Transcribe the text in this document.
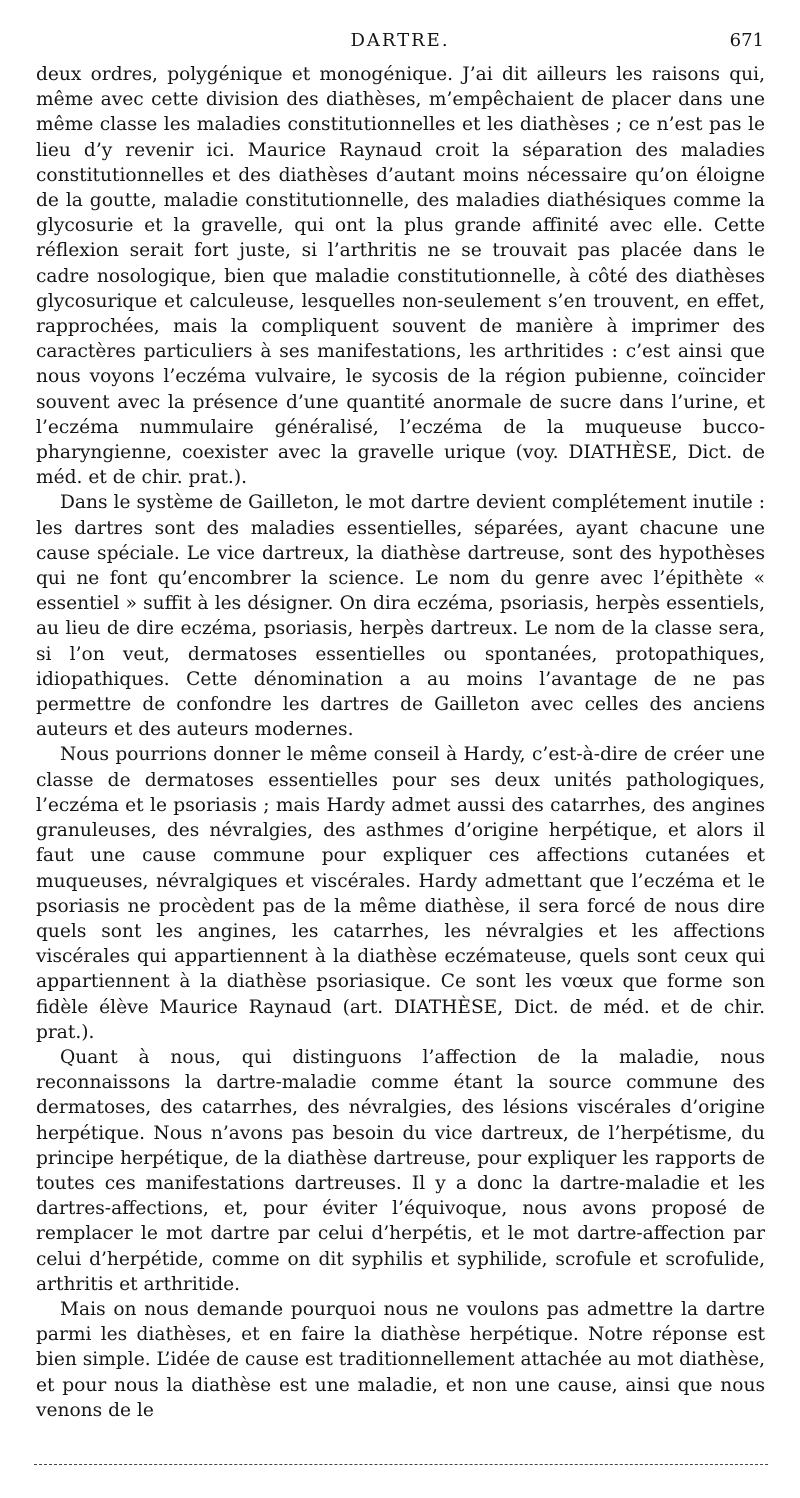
DARTRE.	671

deux ordres, polygénique et monogénique. J’ai dit ailleurs les raisons qui, même avec cette division des diathèses, m’empêchaient de placer dans une même classe les maladies constitutionnelles et les diathèses ; ce n’est pas le lieu d’y revenir ici. Maurice Raynaud croit la séparation des maladies constitutionnelles et des diathèses d’autant moins nécessaire qu’on éloigne de la goutte, maladie constitutionnelle, des maladies diathésiques comme la glycosurie et la gravelle, qui ont la plus grande affinité avec elle. Cette réflexion serait fort juste, si l’arthritis ne se trouvait pas placée dans le cadre nosologique, bien que maladie constitutionnelle, à côté des diathèses glycosurique et calculeuse, lesquelles non-seulement s’en trouvent, en effet, rapprochées, mais la compliquent souvent de manière à imprimer des caractères particuliers à ses manifestations, les arthritides : c’est ainsi que nous voyons l’eczéma vulvaire, le sycosis de la région pubienne, coïncider souvent avec la présence d’une quantité anormale de sucre dans l’urine, et l’eczéma nummulaire généralisé, l’eczéma de la muqueuse bucco-pharyngienne, coexister avec la gravelle urique (voy. DIATHÈSE, Dict. de méd. et de chir. prat.).

Dans le système de Gailleton, le mot dartre devient complétement inutile : les dartres sont des maladies essentielles, séparées, ayant chacune une cause spéciale. Le vice dartreux, la diathèse dartreuse, sont des hypothèses qui ne font qu’encombrer la science. Le nom du genre avec l’épithète « essentiel » suffit à les désigner. On dira eczéma, psoriasis, herpès essentiels, au lieu de dire eczéma, psoriasis, herpès dartreux. Le nom de la classe sera, si l’on veut, dermatoses essentielles ou spontanées, protopathiques, idiopathiques. Cette dénomination a au moins l’avantage de ne pas permettre de confondre les dartres de Gailleton avec celles des anciens auteurs et des auteurs modernes.

Nous pourrions donner le même conseil à Hardy, c’est-à-dire de créer une classe de dermatoses essentielles pour ses deux unités pathologiques, l’eczéma et le psoriasis ; mais Hardy admet aussi des catarrhes, des angines granuleuses, des névralgies, des asthmes d’origine herpétique, et alors il faut une cause commune pour expliquer ces affections cutanées et muqueuses, névralgiques et viscérales. Hardy admettant que l’eczéma et le psoriasis ne procèdent pas de la même diathèse, il sera forcé de nous dire quels sont les angines, les catarrhes, les névralgies et les affections viscérales qui appartiennent à la diathèse eczémateuse, quels sont ceux qui appartiennent à la diathèse psoriasique. Ce sont les vœux que forme son fidèle élève Maurice Raynaud (art. DIATHÈSE, Dict. de méd. et de chir. prat.).

Quant à nous, qui distinguons l’affection de la maladie, nous reconnaissons la dartre-maladie comme étant la source commune des dermatoses, des catarrhes, des névralgies, des lésions viscérales d’origine herpétique. Nous n’avons pas besoin du vice dartreux, de l’herpétisme, du principe herpétique, de la diathèse dartreuse, pour expliquer les rapports de toutes ces manifestations dartreuses. Il y a donc la dartre-maladie et les dartres-affections, et, pour éviter l’équivoque, nous avons proposé de remplacer le mot dartre par celui d’herpétis, et le mot dartre-affection par celui d’herpétide, comme on dit syphilis et syphilide, scrofule et scrofulide, arthritis et arthritide.

Mais on nous demande pourquoi nous ne voulons pas admettre la dartre parmi les diathèses, et en faire la diathèse herpétique. Notre réponse est bien simple. L’idée de cause est traditionnellement attachée au mot diathèse, et pour nous la diathèse est une maladie, et non une cause, ainsi que nous venons de le
